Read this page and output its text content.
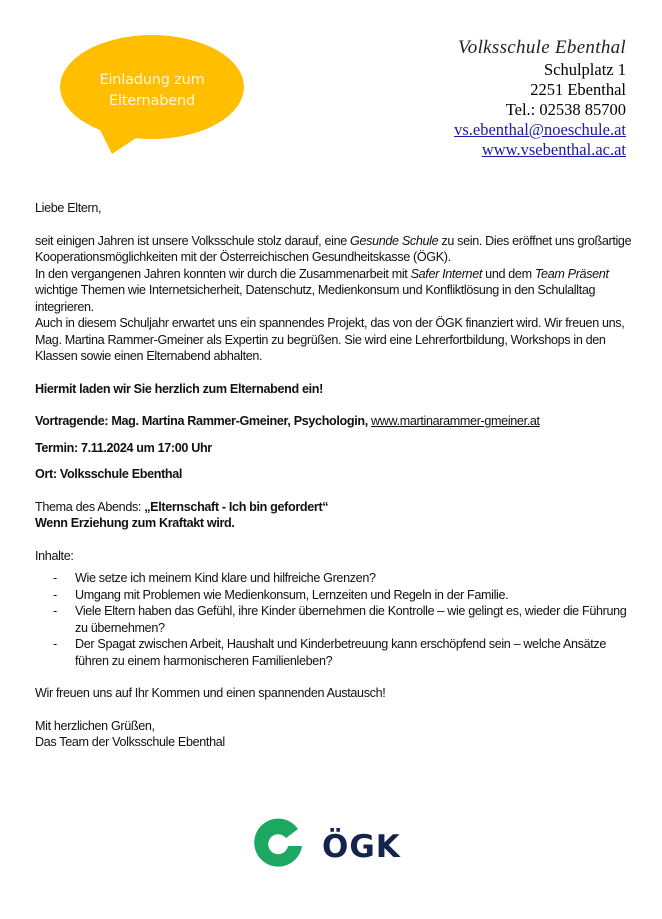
Einladung zum
Elternabend
Volksschule Ebenthal
Schulplatz 1
2251 Ebenthal
Tel.: 02538 85700
vs.ebenthal@noeschule.at
www.vsebenthal.ac.at

Liebe Eltern,

seit einigen Jahren ist unsere Volksschule stolz darauf, eine Gesunde Schule zu sein. Dies eröffnet uns großartige Kooperationsmöglichkeiten mit der Österreichischen Gesundheitskasse (ÖGK).

In den vergangenen Jahren konnten wir durch die Zusammenarbeit mit Safer Internet und dem Team Präsent wichtige Themen wie Internetsicherheit, Datenschutz, Medienkonsum und Konfliktlösung in den Schulalltag integrieren.

Auch in diesem Schuljahr erwartet uns ein spannendes Projekt, das von der ÖGK finanziert wird. Wir freuen uns, Mag. Martina Rammer-Gmeiner als Expertin zu begrüßen. Sie wird eine Lehrerfortbildung, Workshops in den Klassen sowie einen Elternabend abhalten.

Hiermit laden wir Sie herzlich zum Elternabend ein!

Vortragende: Mag. Martina Rammer-Gmeiner, Psychologin, www.martinarammer-gmeiner.at

Termin: 7.11.2024 um 17:00 Uhr

Ort: Volksschule Ebenthal

Thema des Abends: „Elternschaft - Ich bin gefordert“

Wenn Erziehung zum Kraftakt wird.

Inhalte:

- Wie setze ich meinem Kind klare und hilfreiche Grenzen?
- Umgang mit Problemen wie Medienkonsum, Lernzeiten und Regeln in der Familie.
- Viele Eltern haben das Gefühl, ihre Kinder übernehmen die Kontrolle – wie gelingt es, wieder die Führung zu übernehmen?
- Der Spagat zwischen Arbeit, Haushalt und Kinderbetreuung kann erschöpfend sein – welche Ansätze führen zu einem harmonischeren Familienleben?

Wir freuen uns auf Ihr Kommen und einen spannenden Austausch!

Mit herzlichen Grüßen,

Das Team der Volksschule Ebenthal

ÖGK
